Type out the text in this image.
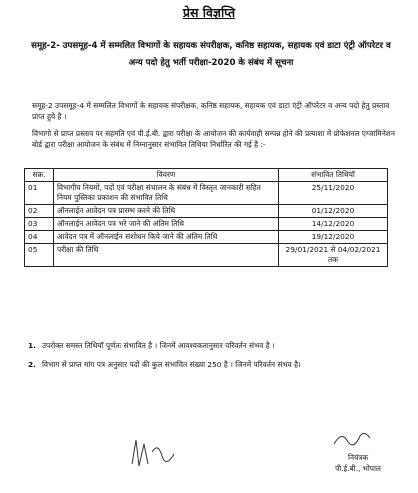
प्रेस विज्ञप्ति
समूह-2- उपसमूह-4 में सम्मलित विभागों के सहायक संपरीक्षक, कनिष्ठ सहायक, सहायक एवं डाटा एंट्री ऑपरेटर व अन्य पदो हेतु भर्ती परीक्षा-2020 के संबंध में सूचना
समूह-2 उपसमूह-4 में सम्मलित विभागों के सहायक संपरीक्षक, कनिष्ठ सहायक, सहायक एवं डाटा एंट्री ऑपरेटर व अन्य पदो हेतु प्रस्ताव प्राप्त हुये है ।
विभागो से प्राप्त प्रस्ताव पर सहमति एवं पी.ई.बी. द्वारा परीक्षा के आयोजन की कार्यवाही सम्पन्न होने की प्रत्याशा में प्रोफेशनल एग्जामिनेशन बोर्ड द्वारा परीक्षा आयोजन के संबंध में निम्नानुसार संभावित तिथिया निर्धारित की गई है :-
सक्र.	विवरण	संभावित तिथियॉ
01	विभागीय नियमों, पदों एवं परीक्षा संचालन के संबंध में विस्तृत जानकारी सहित नियम पुस्तिका प्रकाशन की संभावित तिथि	25/11/2020
02	ऑनलाईन आवेदन पत्र प्रारम्भ करने की तिथि	01/12/2020
03	ऑनलाईन आवेदन पत्र भरे जाने की अंतिम तिथि	14/12/2020
04	आवेदन पत्र में ऑनलाईन संशोधन किये जाने की अंतिम तिथि	19/12/2020
05	परीक्षा की तिथि	29/01/2021 से 04/02/2021 तक
1. उपरोक्त समस्त तिथियॉ पूर्णतः संभावित है । जिनमें आवश्यकतानुसार परिवर्तन संभव है ।
2. विभाग से प्राप्त मांग पत्र अनुसार पदों की कुल संभावित संख्या 250 है । जिनमें परिवर्तन संभव है।
नियंत्रक
पी.ई.बी., भोपाल
